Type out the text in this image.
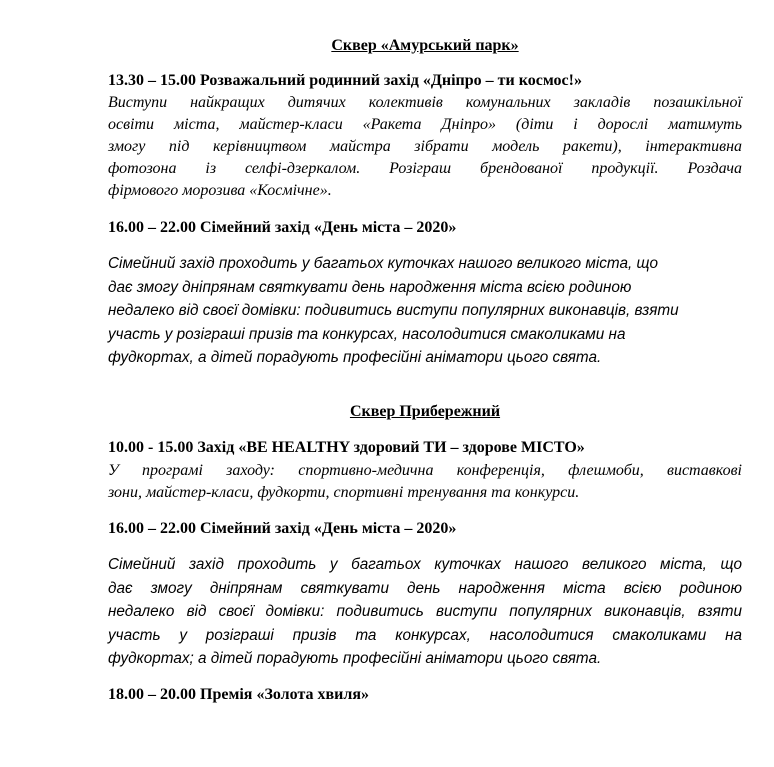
Сквер «Амурський парк»
13.30 – 15.00 Розважальний родинний захід «Дніпро – ти космос!»
Виступи найкращих дитячих колективів комунальних закладів позашкільної
освіти міста, майстер-класи «Ракета Дніпро» (діти і дорослі матимуть
змогу під керівництвом майстра зібрати модель ракети), інтерактивна
фотозона із селфі-дзеркалом. Розіграш брендованої продукції. Роздача
фірмового морозива «Космічне».
16.00 – 22.00 Сімейний захід «День міста – 2020»
Сімейний захід проходить у багатьох куточках нашого великого міста, що
дає змогу дніпрянам святкувати день народження міста всією родиною
недалеко від своєї домівки: подивитись виступи популярних виконавців, взяти
участь у розіграші призів та конкурсах, насолодитися смаколиками на
фудкортах, а дітей порадують професійні аніматори цього свята.
Сквер Прибережний
10.00 - 15.00 Захід «BE HEALTHY здоровий ТИ – здорове МІСТО»
У програмі заходу: спортивно-медична конференція, флешмоби, виставкові
зони, майстер-класи, фудкорти, спортивні тренування та конкурси.
16.00 – 22.00 Сімейний захід «День міста – 2020»
Сімейний захід проходить у багатьох куточках нашого великого міста, що
дає змогу дніпрянам святкувати день народження міста всією родиною
недалеко від своєї домівки: подивитись виступи популярних виконавців, взяти
участь у розіграші призів та конкурсах, насолодитися смаколиками на
фудкортах; а дітей порадують професійні аніматори цього свята.
18.00 – 20.00 Премія «Золота хвиля»
